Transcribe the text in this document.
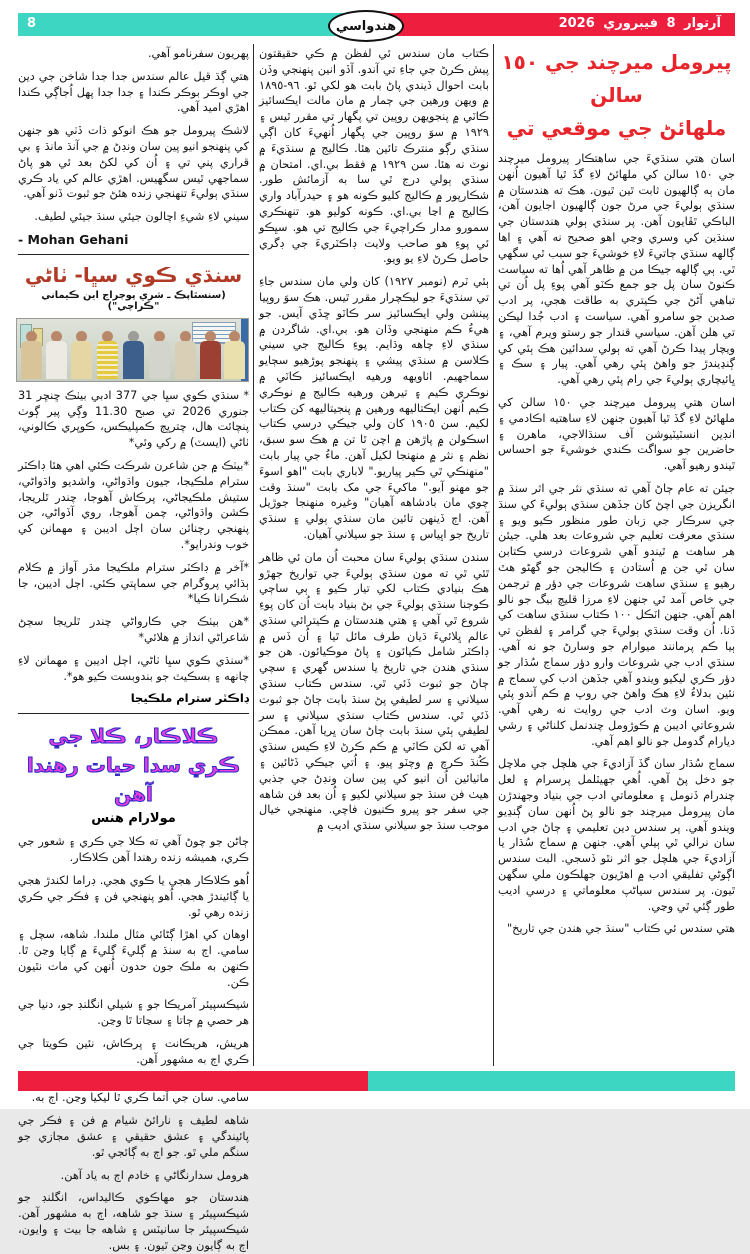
8	آرتوار 8 فيبروري 2026
هندواسي
پيرومل ميرچند جي ١٥٠ سالن
ملهائڻ جي موقعي تي

اسان هتي سنڌيءَ جي ساهتڪار پيرومل ميرچند جي ١٥٠ سالن کي ملهائڻ لاءِ گڏ ٿيا آهيون اُنهن مان ٻه ڳالهيون ثابت ٿين ٿيون. هڪ ته هندستان ۾ سنڌي ٻوليءَ جي مرڻ جون ڳالهيون اجايون آهن، الباڪي ٿڦايون آهن. پر سنڌي ٻولي هندستان جي سنڌين کي وسري وڃي اهو صحيح نه آهي ۽ اها ڳالهه سنڌي ڄاتيءَ لاءِ خوشيءَ جو سبب ٿي سگهي ٿي. ٻي ڳالهه جيڪا من ۾ ظاهر آهي اُها ته سياست ڪنوڻ سان پل جو جمع ڪٽو آهي پوءِ پل اُن تي تباهي آڻڻ جي ڪيتري به طاقت هجي، پر ادب صدين جو سامرو آهي. سياست ۽ ادب جُدا ليڪن تي هلن آهن. سياسي قندار جو رستو ويرم آهي، ۽ ويچار پيدا ڪرڻ آهي ته ٻولي سدائين هڪ ٻئي کي ڳنڍيندڙ جو واهڻ پئي رهي آهي. پيار ۽ سڪ ۽ ڀائيچاري ٻوليءَ جي رام پئي رهي آهي.

اسان هتي پيرومل ميرچند جي ١٥٠ سالن کي ملهائڻ لاءِ گڏ ٿيا آهيون جنهن لاءِ ساهتيه اڪادمي ۽ انڊين انسٽيٽيوشن آف سنڌالاجي، ماهرن ۽ حاضرين جو سواگت ڪندي خوشيءَ جو احساس ٿيندو رهيو آهي.

جيئن ته عام ڄاڻ آهي ته سنڌي نثر جي اثر سنڌ ۾ انگريزن جي اچڻ کان جڏهن سنڌي ٻوليءَ کي سنڌ جي سرڪار جي زبان طور منظور ڪيو ويو ۽ سنڌي معرفت تعليم جي شروعات بعد هلي. جيئن هر ساهت ۾ ٿيندو آهي شروعات درسي ڪتابن سان ٿي جن ۾ اُستادن ۽ ڪاليجن جو گهڻو هٿ رهيو ۽ سنڌي ساهت شروعات جي دؤر ۾ ترجمن جي خاص آمد ٿي جنهن لاءِ مرزا قليچ بيگ جو نالو اهم آهي. جنهن اٽڪل ١٠٠ ڪتاب سنڌي ساهت کي ڏنا. اُن وقت سنڌي ٻوليءَ جي گرامر ۽ لفظن تي ٻيا ڪم پرمانند ميوارام جو وسارڻ جو نه آهي. سنڌي ادب جي شروعات وارو دؤر سماج سُڌار جو دؤر ڪري ليکيو ويندو آهي جڏهن ادب کي سماج ۾ نئين بدلاءُ لاءِ هڪ واهڻ جي روپ ۾ ڪم آندو پئي ويو. اسان وٽ ادب جي روايت نه رهي آهي. شروعاتي اديبن ۾ ڪوڙومل چندنمل کلناڻي ۽ رشي ديارام گدومل جو نالو اهم آهي.

سماج سُڌار سان گڏ آزاديءَ جي هلچل جي ملاچل جو دخل پڻ آهي. اُهي جهيٽلمل پرسرام ۽ لعل چندرام ڏنومل ۽ معلوماتي ادب جي بنياد وجهندڙن مان پيرومل ميرچند جو نالو پڻ اُنهن سان ڳنڍيو ويندو آهي. پر سندس دين تعليمي ۽ ڄاڻ جي ادب سان نرالي ٿي ٻيلي آهي. جنهن ۾ سماج سُڌار يا آزاديءَ جي هلچل جو اثر نٿو ڏسجي. البت سندس اڳوڻي تفليقي ادب ۾ اهڙيون جهلڪون ملي سگهن ٿيون. پر سندس سياڻپ معلوماتي ۽ درسي اديب طور ڳئي ٿي وڃي.

هتي سندس ئي ڪتاب "سنڌ جي هندن جي تاريخ"

ڪتاب مان سندس ئي لفظن ۾ ڪي حقيقتون پيش ڪرڻ جي جاءِ تي آندو. آڏو انين پنهنجي وڏن بابت احوال ڏيندي پاڻ بابت هو لکي ٿو. ٩٦-١٨٩٥ ۾ ويهن ورهين جي ڄمار ۾ مان مالت ايڪسائيز ڪاٽي ۾ پنجويهن روپين تي پگهار تي مقرر ٿيس ۽ ١٩٢٩ ۾ سوَ روپين جي پگهار اُنهيءَ کان اڳي سنڌي رڳو منترڪ تائين هئا. ڪاليج ۾ سنڌيءَ ۾ نوٽ نه هئا. سن ١٩٢٩ ۾ فقط بي.اي. امتحان ۾ سنڌي ٻولي درج ٿي سا به آزمائش طور. شڪارپور ۾ ڪاليج کليو ڪونه هو ۽ حيدرآباد واري ڪاليج ۾ اڃا بي.اي. ڪونه کوليو هو. تنهنڪري سمورو مدار ڪراچيءَ جي ڪاليج تي هو. سڀڪو ئي پوءِ هو صاحب ولايت ڊاڪٽريءَ جي ڊگري حاصل ڪرڻ لاءِ يو ويو.

ٻئي ٽرم (نومبر ١٩٢٧) کان ولي مان سندس جاءِ تي سنڌيءَ جو ليڪچرار مقرر ٿيس. هڪ سوَ روپيا پينشن ولي ايڪسائيز سر ڪاٽو ڇڏي آيس. جو هيءُ ڪم منهنجي وڏان هو. بي.اي. شاگردن ۾ سنڌي لاءِ چاهه وڌايم. پوءِ ڪاليج جي سيني ڪلاسن ۾ سنڌي پيشي ۽ پنهنجو پوڙهيو سڄايو سماجهيم. اٺاويهه ورهيه ايڪسائيز ڪاٽي ۾ نوڪري ڪيم ۽ تيرهن ورهيه ڪاليج ۾ نوڪري ڪيم اُنهن ايڪتاليهه ورهين ۾ پنجيتاليهه کن ڪتاب لکيم. سن ١٩٠٥ کان ولي جيڪي درسي ڪتاب اسڪولن ۾ پاڙهن ۾ اچن ٿا تن ۾ هڪ سو سبق، نظم ۽ نثر ۾ منهنجا لکيل آهن. ماءُ جي پيار بابت "منهنڪي ٿي ڪير پياريو." لاباري بابت "اهو اسوءَ جو مهنو آيو." ماکيءَ جي مک بابت "سنڌ وقت چوي مان بادشاهه آهيان" وغيره منهنجا جوڙيل آهن. اڄ ڏينهن تائين مان سنڌي ٻولي ۽ سنڌي تاريخ جو اڀياس ۽ سنڌ جو سيلاني آهيان.

سندن سنڌي ٻوليءَ سان محبت اُن مان ئي ظاهر ٿئي ٿي ته مون سنڌي ٻوليءَ جي تواريخ جهڙو هڪ بنيادي ڪتاب لکي تيار ڪيو ۽ ٻي ساڄي ڪوجنا سنڌي ٻوليءَ جي بڻ بنياد بابت اُن کان پوءِ شروع ٿي آهي ۽ هتي هندستان ۾ ڪيترائي سنڌي عالم ڀلائيءَ ڌيان طرف مائل ٿيا ۽ اُن ڏس ۾ ڊاڪٽر شامل ڪيائون ۽ پاڻ موڪيائون. هن جو سنڌي هندن جي تاريخ يا سندس گهري ۽ سچي ڄاڻ جو ثبوت ڏئي ٿي. سندس ڪتاب سنڌي سيلاني ۽ سر لطيفي پڻ سنڌ بابت ڄاڻ جو ثبوت ڏئي ٿي. سندس ڪتاب سنڌي سيلاني ۽ سر لطيفي ٻئي سنڌ بابت ڄاڻ سان ڀريا آهن. ممڪن آهي ته لکن ڪاٽي ۾ ڪم ڪرڻ لاءِ ڪيس سنڌي ڪُنڌ ڪرچ ۾ وچٽو پيو. ۽ اُتي جيڪي ڏڻائين ۽ ماٺيائين اُن انيو کي پين سان ونڊڻ جي جذبي هيٺ فن سنڌ جو سيلاني لکيو ۽ اُن بعد فن شاهه جي سفر جو پيرو ڪنيون فاچي. منهنجي خيال موجب سنڌ جو سيلاني سنڌي اديب ۾

پهريون سفرنامو آهي.

هتي ڳڌ قيل عالم سندس جدا جدا شاخن جي دين جي اوڪر بوڪر ڪندا ۽ جدا جدا پهل اُجاڳي ڪندا اهڙي اميد آهي.

لاشڪ پيرومل جو هڪ انوکو ذات ڏٺي هو جنهن کي پنهنجو انيو پين سان ونڊڻ ۾ جي آنڌ مانڌ ۽ بي قراري پني تي ۽ اُن کي لکڻ بعد ئي هو پاڻ سماجهي ٿيس سگهيس. اهڙي عالم کي ياد ڪري سنڌي ٻوليءَ تنهنجي زنده هئڻ جو ثبوت ڏنو آهي.

سيني لاءِ شيءِ اچالون جيئي سنڌ جيئي لطيف.

- Mohan Gehani

سنڌي ڪوي سڀا- ٺاڻي
(سنسٿاپڪ ـ شري پوڄراج اين ڪيماني "ڪراچي")

* سنڌي ڪوي سڀا جي 377 ادبي بيٺڪ ڇنڇر 31 جنوري 2026 تي صبح 11.30 وڳي پير ڳوٺ پنچائت هال، چترڀڄ ڪمپليڪس، ڪوپري ڪالوني، ٺاڻي (ايسٽ) ۾ رکي وئي*

*بيٺڪ ۾ جن شاعرن شرڪت ڪئي اهي هئا ڊاڪٽر سترام ملڪيجا، جيون واڌواڻي، واشديو واڌواڻي، ستيش ملڪيجاڻي، پرڪاش آهوجا، چندر ٿلريجا، ڪشن واڌواڻي، چمن آهوجا، روي آڏواڻي، جن پنهنجي رچنائن سان اڄل اديبن ۽ مهمانن کي خوب وندرايو*.

*آخر ۾ ڊاڪٽر سترام ملڪيجا مڌر آواز ۾ ڪلام ٻڌائي پروگرام جي سماپتي ڪئي. اڄل اديبن، جا شڪرانا ڪيا*

*هن بيٺڪ جي ڪارواڻي چندر ٿلريجا سڄڻ شاعراڻي انداز ۾ هلائي*

*سنڌي ڪوي سڀا ٺاڻي، اڄل اديبن ۽ مهمانن لاءِ چانهه ۽ بسڪيٽ جو بندوبست ڪيو هو*.

ڊاڪٽر سترام ملڪيجا
ڪلاڪار، ڪلا جي
ڪري سدا حيات رهندا آهن
مولارام هنس

ڄاڻن جو چوڻ آهي ته ڪلا جي ڪري ۽ شعور جي ڪري، هميشه زنده رهندا آهن ڪلاڪار.

اُهو ڪلاڪار هجي يا ڪوي هجي. ڊراما لکندڙ هجي يا ڳائيندڙ هجي. اُهو پنهنجي فن ۽ فڪر جي ڪري زنده رهي ٿو.

اوهان کي اهڙا ڳڻائي مثال ملندا. شاهه، سچل ۽ سامي. اڄ به سنڌ ۾ ڳليءَ ڳليءَ ۾ ڳايا وڃن ٿا. ڪنهن به ملڪ جون حدون اُنهن کي مات نٿيون ڪن.

شيڪسپيئر آمريڪا جو ۽ شيلي انگلنڊ جو، دنيا جي هر حصي ۾ ڄاتا ۽ سڃاتا ٿا وڃن.

هريش، هريڪانت ۽ پرڪاش، نئين ڪويتا جي ڪري اڄ به مشهور آهن.

سامي. سان جي آتما ڪري ٿا ليکيا وڃن. اڄ به.

شاهه لطيف ۽ نارائڻ شيام ۾ فن ۽ فڪر جي پائيندگي ۽ عشق حقيقي ۽ عشق مجازي جو سنگم ملي ٿو. جو اڄ به ڳائجي ٿو.

هرومل سدارنگاڻي ۽ خادم اڄ به ياد آهن.

هندستان جو مهاڪوي ڪاليداس، انگلنڊ جو شيڪسپيئر ۽ سنڌ جو شاهه، اڄ به مشهور آهن. شيڪسپيئر جا سانيٽس ۽ شاهه جا بيت ۽ وايون، اڄ به ڳايون وڃن ٿيون. ۽ بس.
